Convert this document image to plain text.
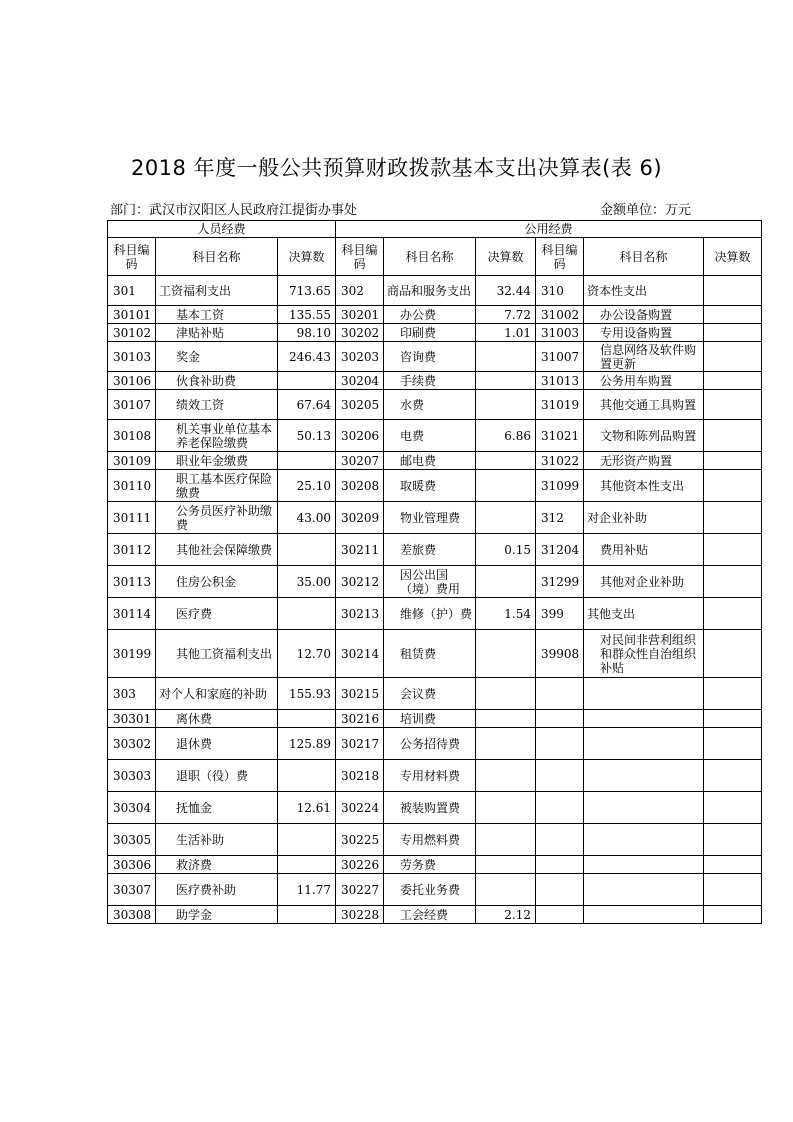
2018 年度一般公共预算财政拨款基本支出决算表(表 6)
部门：武汉市汉阳区人民政府江提街办事处	金额单位：万元
人员经费			公用经费					
科目编码	科目名称	决算数	科目编码	科目名称	决算数	科目编码	科目名称	决算数
301	工资福利支出	713.65	302	商品和服务支出	32.44	310	资本性支出	
30101	基本工资	135.55	30201	办公费	7.72	31002	办公设备购置	
30102	津贴补贴	98.10	30202	印刷费	1.01	31003	专用设备购置	
30103	奖金	246.43	30203	咨询费		31007	信息网络及软件购置更新	
30106	伙食补助费		30204	手续费		31013	公务用车购置	
30107	绩效工资	67.64	30205	水费		31019	其他交通工具购置	
30108	机关事业单位基本养老保险缴费	50.13	30206	电费	6.86	31021	文物和陈列品购置	
30109	职业年金缴费		30207	邮电费		31022	无形资产购置	
30110	职工基本医疗保险缴费	25.10	30208	取暖费		31099	其他资本性支出	
30111	公务员医疗补助缴费	43.00	30209	物业管理费		312	对企业补助	
30112	其他社会保障缴费		30211	差旅费	0.15	31204	费用补贴	
30113	住房公积金	35.00	30212	因公出国（境）费用		31299	其他对企业补助	
30114	医疗费		30213	维修（护）费	1.54	399	其他支出	
30199	其他工资福利支出	12.70	30214	租赁费		39908	对民间非营利组织和群众性自治组织补贴	
303	对个人和家庭的补助	155.93	30215	会议费				
30301	离休费		30216	培训费				
30302	退休费	125.89	30217	公务招待费				
30303	退职（役）费		30218	专用材料费				
30304	抚恤金	12.61	30224	被装购置费				
30305	生活补助		30225	专用燃料费				
30306	救济费		30226	劳务费				
30307	医疗费补助	11.77	30227	委托业务费				
30308	助学金		30228	工会经费	2.12			
